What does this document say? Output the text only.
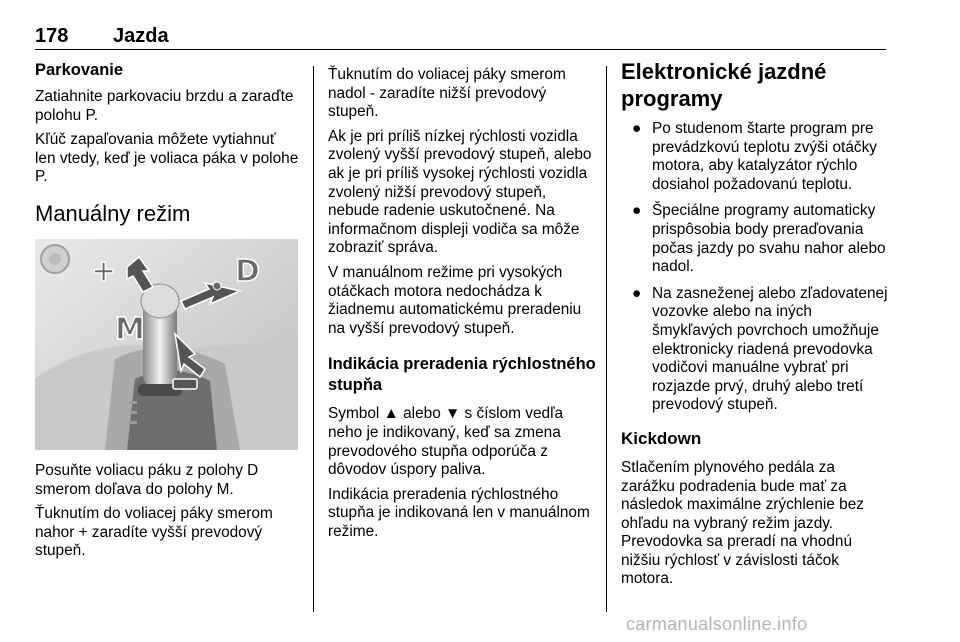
178 Jazda
Parkovanie

Zatiahnite parkovaciu brzdu a zaraďte polohu P.

Kľúč zapaľovania môžete vytiahnuť len vtedy, keď je voliaca páka v polohe P.

Manuálny režim
+	D
M

Posuňte voliacu páku z polohy D smerom doľava do polohy M.

Ťuknutím do voliacej páky smerom nahor + zaradíte vyšší prevodový stupeň.

Ťuknutím do voliacej páky smerom nadol - zaradíte nižší prevodový stupeň.

Ak je pri príliš nízkej rýchlosti vozidla zvolený vyšší prevodový stupeň, alebo ak je pri príliš vysokej rýchlosti vozidla zvolený nižší prevodový stupeň, nebude radenie uskutočnené. Na informačnom displeji vodiča sa môže zobraziť správa.

V manuálnom režime pri vysokých otáčkach motora nedochádza k žiadnemu automatickému preradeniu na vyšší prevodový stupeň.

Indikácia preradenia rýchlostného stupňa

Symbol ▲ alebo ▼ s číslom vedľa neho je indikovaný, keď sa zmena prevodového stupňa odporúča z dôvodov úspory paliva.

Indikácia preradenia rýchlostného stupňa je indikovaná len v manuálnom režime.

Elektronické jazdné programy
● Po studenom štarte program pre prevádzkovú teplotu zvýši otáčky motora, aby katalyzátor rýchlo dosiahol požadovanú teplotu.
● Špeciálne programy automaticky prispôsobia body preraďovania počas jazdy po svahu nahor alebo nadol.
● Na zasneženej alebo zľadovatenej vozovke alebo na iných šmykľavých povrchoch umožňuje elektronicky riadená prevodovka vodičovi manuálne vybrať pri rozjazde prvý, druhý alebo tretí prevodový stupeň.
Kickdown

Stlačením plynového pedála za zarážku podradenia bude mať za následok maximálne zrýchlenie bez ohľadu na vybraný režim jazdy. Prevodovka sa preradí na vhodnú nižšiu rýchlosť v závislosti táčok motora.

carmanualsonline.info
